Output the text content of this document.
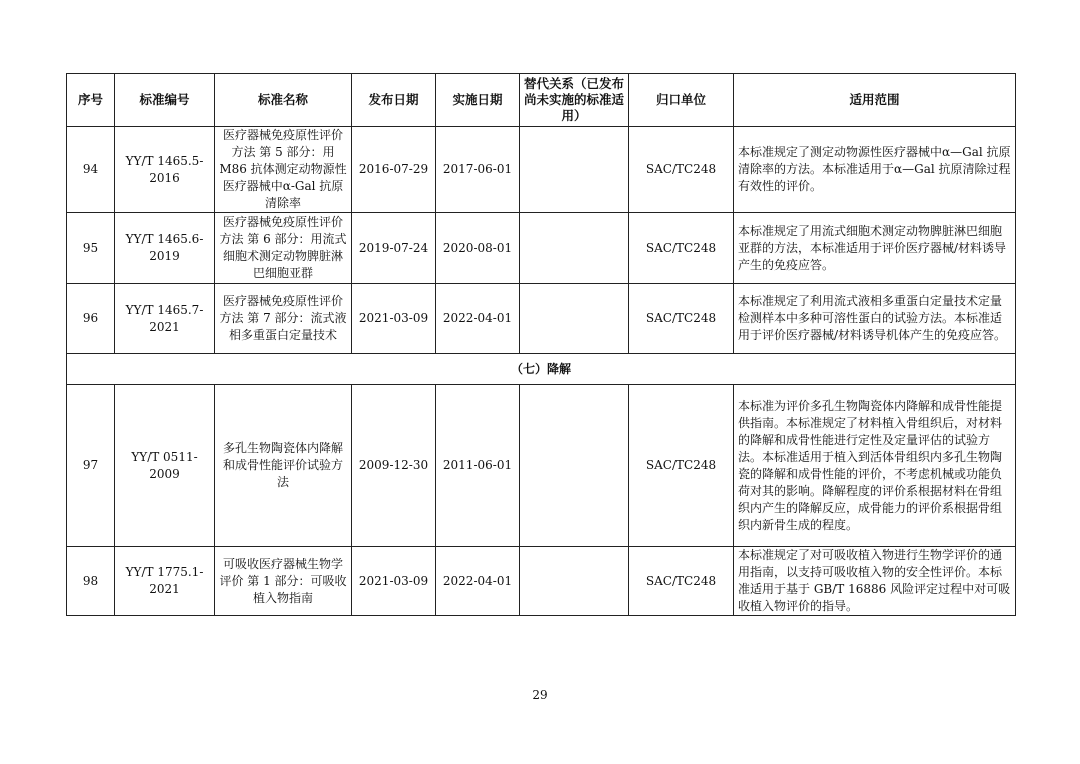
序号	标准编号	标准名称	发布日期	实施日期	替代关系（已发布尚未实施的标准适用）	归口单位	适用范围
94	YY/T 1465.5-2016	医疗器械免疫原性评价方法 第 5 部分：用 M86 抗体测定动物源性医疗器械中α-Gal 抗原清除率	2016-07-29	2017-06-01		SAC/TC248	本标准规定了测定动物源性医疗器械中α—Gal 抗原清除率的方法。本标准适用于α—Gal 抗原清除过程有效性的评价。
95	YY/T 1465.6-2019	医疗器械免疫原性评价方法 第 6 部分：用流式细胞术测定动物脾脏淋巴细胞亚群	2019-07-24	2020-08-01		SAC/TC248	本标准规定了用流式细胞术测定动物脾脏淋巴细胞亚群的方法，本标准适用于评价医疗器械/材料诱导产生的免疫应答。
96	YY/T 1465.7-2021	医疗器械免疫原性评价方法 第 7 部分：流式液相多重蛋白定量技术	2021-03-09	2022-04-01		SAC/TC248	本标准规定了利用流式液相多重蛋白定量技术定量检测样本中多种可溶性蛋白的试验方法。本标准适用于评价医疗器械/材料诱导机体产生的免疫应答。
（七）降解							
97	YY/T 0511-2009	多孔生物陶瓷体内降解和成骨性能评价试验方法	2009-12-30	2011-06-01		SAC/TC248	本标准为评价多孔生物陶瓷体内降解和成骨性能提供指南。本标准规定了材料植入骨组织后，对材料的降解和成骨性能进行定性及定量评估的试验方法。本标准适用于植入到活体骨组织内多孔生物陶瓷的降解和成骨性能的评价，不考虑机械或功能负荷对其的影响。降解程度的评价系根据材料在骨组织内产生的降解反应，成骨能力的评价系根据骨组织内新骨生成的程度。
98	YY/T 1775.1-2021	可吸收医疗器械生物学评价 第 1 部分：可吸收植入物指南	2021-03-09	2022-04-01		SAC/TC248	本标准规定了对可吸收植入物进行生物学评价的通用指南，以支持可吸收植入物的安全性评价。本标准适用于基于 GB/T 16886 风险评定过程中对可吸收植入物评价的指导。
29
